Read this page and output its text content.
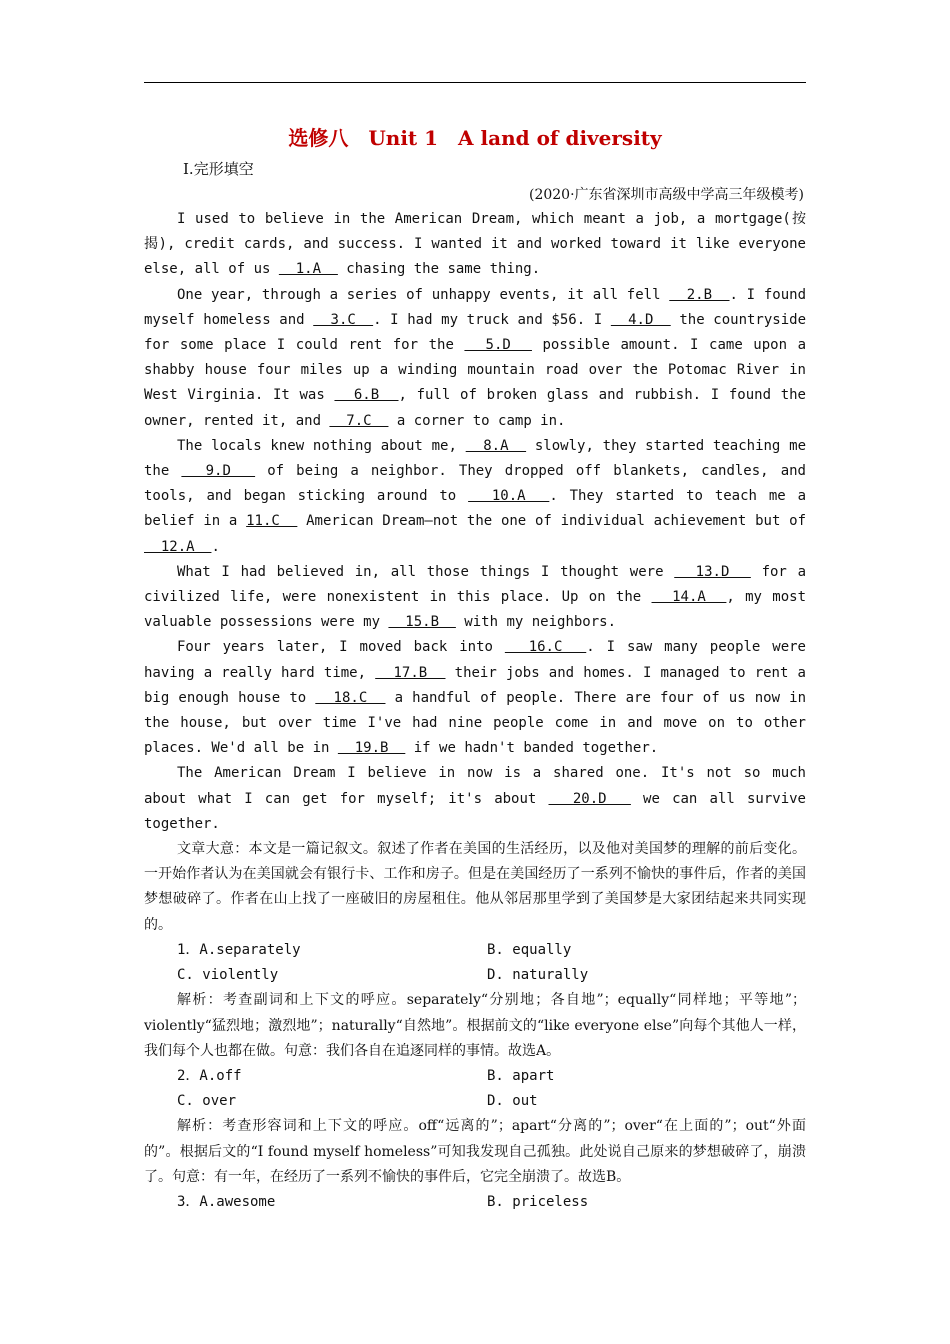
选修八　Unit 1　A land of diversity
Ⅰ.完形填空
(2020·广东省深圳市高级中学高三年级模考)

I used to believe in the American Dream, which meant a job, a mortgage(按揭), credit cards, and success. I wanted it and worked toward it like everyone else, all of us   1.A   chasing the same thing.

One year, through a series of unhappy events, it all fell   2.B  . I found myself homeless and   3.C  . I had my truck and $56. I   4.D   the countryside for some place I could rent for the   5.D   possible amount. I came upon a shabby house four miles up a winding mountain road over the Potomac River in West Virginia. It was   6.B  , full of broken glass and rubbish. I found the owner, rented it, and   7.C   a corner to camp in.

The locals knew nothing about me,   8.A   slowly, they started teaching me the   9.D   of being a neighbor. They dropped off blankets, candles, and tools, and began sticking around to   10.A  . They started to teach me a belief in a 11.C   American Dream—not the one of individual achievement but of   12.A  .

What I had believed in, all those things I thought were   13.D   for a civilized life, were nonexistent in this place. Up on the   14.A  , my most valuable possessions were my   15.B   with my neighbors.

Four years later, I moved back into   16.C  . I saw many people were having a really hard time,   17.B   their jobs and homes. I managed to rent a big enough house to   18.C   a handful of people. There are four of us now in the house, but over time I've had nine people come in and move on to other places. We'd all be in   19.B   if we hadn't banded together.

The American Dream I believe in now is a shared one. It's not so much about what I can get for myself; it's about   20.D   we can all survive together.

文章大意：本文是一篇记叙文。叙述了作者在美国的生活经历，以及他对美国梦的理解的前后变化。一开始作者认为在美国就会有银行卡、工作和房子。但是在美国经历了一系列不愉快的事件后，作者的美国梦想破碎了。作者在山上找了一座破旧的房屋租住。他从邻居那里学到了美国梦是大家团结起来共同实现的。

1．A.separately	B. equally
C. violently	D. naturally

解析：考查副词和上下文的呼应。separately“分别地；各自地”；equally“同样地；平等地”；violently“猛烈地；激烈地”；naturally“自然地”。根据前文的“like everyone else”向每个其他人一样，我们每个人也都在做。句意：我们各自在追逐同样的事情。故选A。

2．A.off	B. apart
C. over	D. out

解析：考查形容词和上下文的呼应。off“远离的”；apart“分离的”；over“在上面的”；out“外面的”。根据后文的“I found myself homeless”可知我发现自己孤独。此处说自己原来的梦想破碎了，崩溃了。句意：有一年，在经历了一系列不愉快的事件后，它完全崩溃了。故选B。

3．A.awesome	B. priceless
